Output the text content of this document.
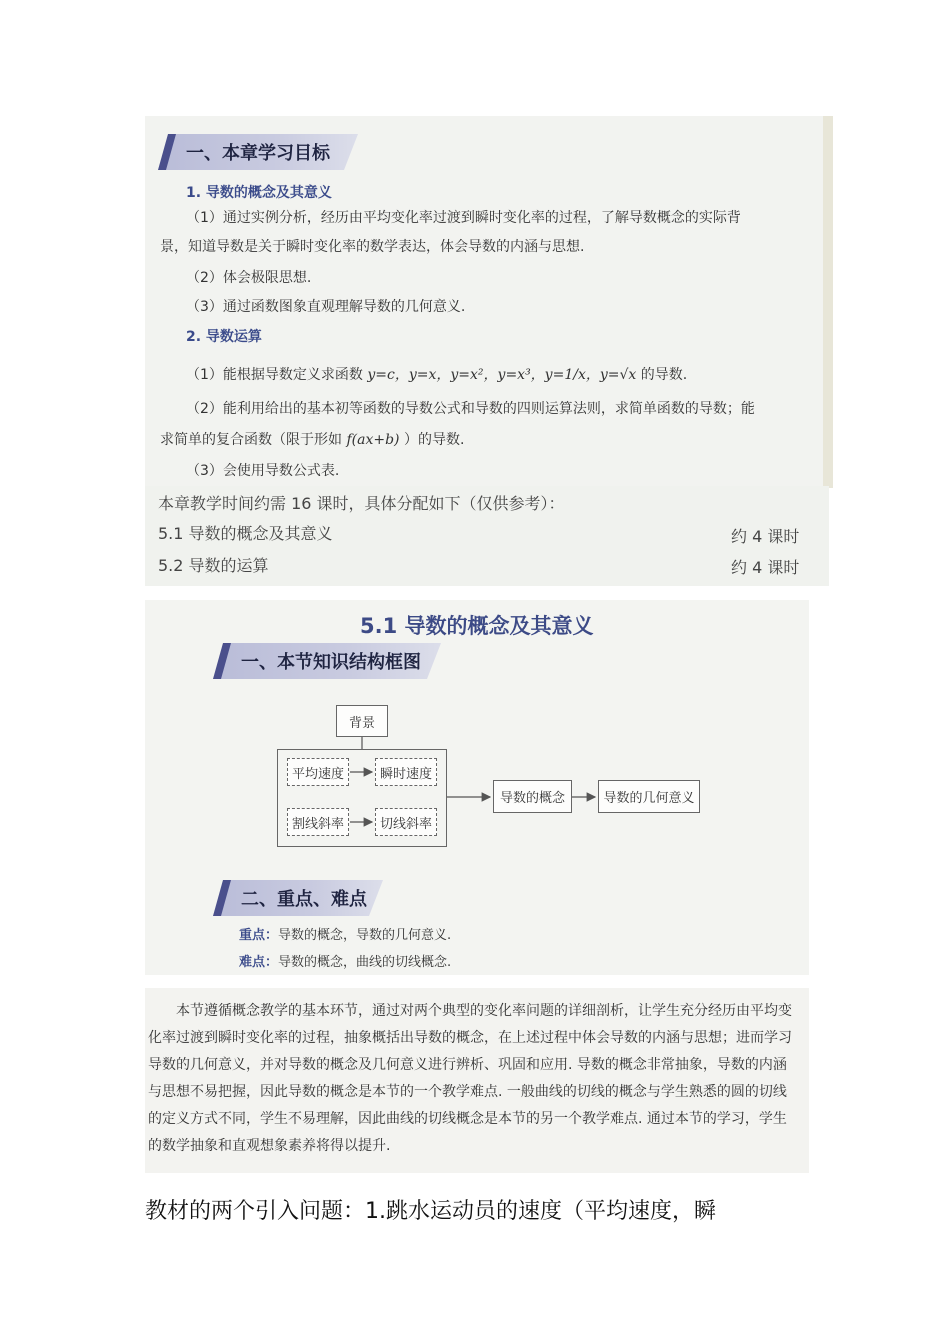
一、本章学习目标
1. 导数的概念及其意义
（1）通过实例分析，经历由平均变化率过渡到瞬时变化率的过程，了解导数概念的实际背
景，知道导数是关于瞬时变化率的数学表达，体会导数的内涵与思想.
（2）体会极限思想.
（3）通过函数图象直观理解导数的几何意义.
2. 导数运算
（1）能根据导数定义求函数 y=c，y=x，y=x²，y=x³，y=1/x，y=√x 的导数.
（2）能利用给出的基本初等函数的导数公式和导数的四则运算法则，求简单函数的导数；能
求简单的复合函数（限于形如 f(ax+b) ）的导数.
（3）会使用导数公式表.
本章教学时间约需 16 课时，具体分配如下（仅供参考）：
5.1 导数的概念及其意义	约 4 课时
5.2 导数的运算	约 4 课时
5.1 导数的概念及其意义
一、本节知识结构框图
背景
平均速度	瞬时速度
割线斜率	切线斜率
导数的概念	导数的几何意义
二、重点、难点
重点：导数的概念，导数的几何意义.
难点：导数的概念，曲线的切线概念.
本节遵循概念教学的基本环节，通过对两个典型的变化率问题的详细剖析，让学生充分经历由平均变化率过渡到瞬时变化率的过程，抽象概括出导数的概念，在上述过程中体会导数的内涵与思想；进而学习导数的几何意义，并对导数的概念及几何意义进行辨析、巩固和应用. 导数的概念非常抽象，导数的内涵与思想不易把握，因此导数的概念是本节的一个教学难点. 一般曲线的切线的概念与学生熟悉的圆的切线的定义方式不同，学生不易理解，因此曲线的切线概念是本节的另一个教学难点. 通过本节的学习，学生的数学抽象和直观想象素养将得以提升.
教材的两个引入问题：1.跳水运动员的速度（平均速度，瞬
